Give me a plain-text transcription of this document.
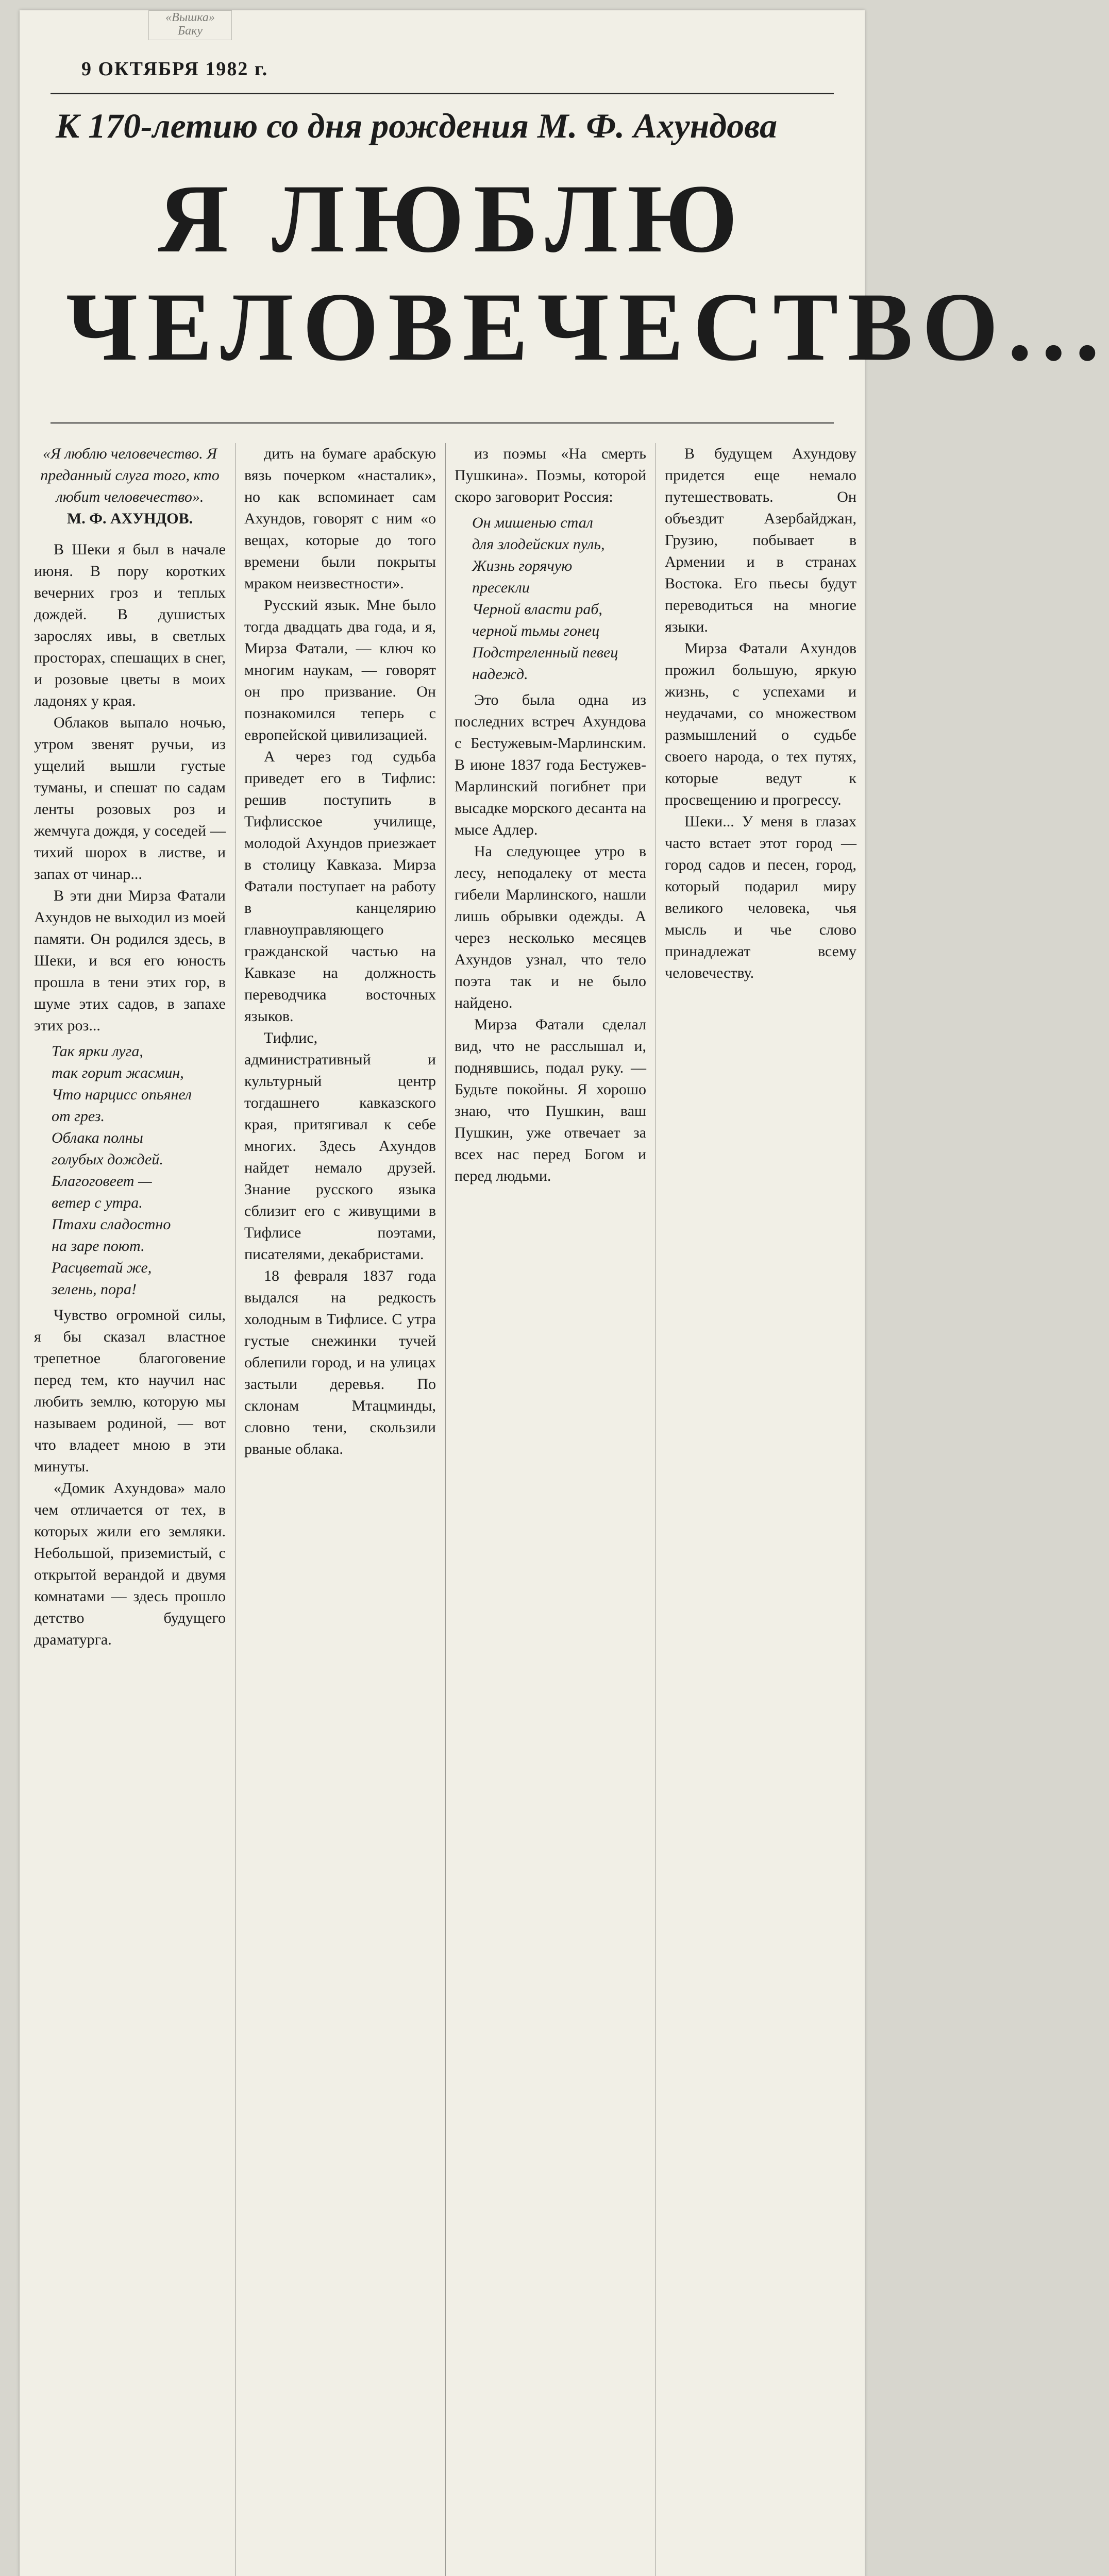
«Вышка»
Баку
9 ОКТЯБРЯ 1982 г.
К 170-летию со дня рождения М. Ф. Ахундова
Я ЛЮБЛЮ
ЧЕЛОВЕЧЕСТВО...

«Я люблю человечество. Я преданный слуга того, кто любит человечество».

М. Ф. АХУНДОВ.

В Шеки я был в начале июня. В пору коротких вечерних гроз и теплых дождей. В душистых зарослях ивы, в светлых просторах, спешащих в снег, и розовые цветы в моих ладонях у края.

Облаков выпало ночью, утром звенят ручьи, из ущелий вышли густые туманы, и спешат по садам ленты розовых роз и жемчуга дождя, у соседей — тихий шорох в листве, и запах от чинар...

В эти дни Мирза Фатали Ахундов не выходил из моей памяти. Он родился здесь, в Шеки, и вся его юность прошла в тени этих гор, в шуме этих садов, в запахе этих роз...

Так ярки луга,
так горит жасмин,
Что нарцисс опьянел
от грез.
Облака полны
голубых дождей.
Благоговеет —
ветер с утра.
Птахи сладостно
на заре поют.
Расцветай же,
зелень, пора!

Чувство огромной силы, я бы сказал властное трепетное благоговение перед тем, кто научил нас любить землю, которую мы называем родиной, — вот что владеет мною в эти минуты.

«Домик Ахундова» мало чем отличается от тех, в которых жили его земляки. Небольшой, приземистый, с открытой верандой и двумя комнатами — здесь прошло детство будущего драматурга.

дить на бумаге арабскую вязь почерком «насталик», но как вспоминает сам Ахундов, говорят с ним «о вещах, которые до того времени были покрыты мраком неизвестности».

Русский язык. Мне было тогда двадцать два года, и я, Мирза Фатали, — ключ ко многим наукам, — говорят он про призвание. Он познакомился теперь с европейской цивилизацией.

А через год судьба приведет его в Тифлис: решив поступить в Тифлисское училище, молодой Ахундов приезжает в столицу Кавказа. Мирза Фатали поступает на работу в канцелярию главноуправляющего гражданской частью на Кавказе на должность переводчика восточных языков.

Тифлис, административный и культурный центр тогдашнего кавказского края, притягивал к себе многих. Здесь Ахундов найдет немало друзей. Знание русского языка сблизит его с живущими в Тифлисе поэтами, писателями, декабристами.

18 февраля 1837 года выдался на редкость холодным в Тифлисе. С утра густые снежинки тучей облепили город, и на улицах застыли деревья. По склонам Мтацминды, словно тени, скользили рваные облака.

из поэмы «На смерть Пушкина». Поэмы, которой скоро заговорит Россия:

Он мишенью стал
для злодейских пуль,
Жизнь горячую
пресекли
Черной власти раб,
черной тьмы гонец
Подстреленный певец
надежд.

Это была одна из последних встреч Ахундова с Бестужевым-Марлинским. В июне 1837 года Бестужев-Марлинский погибнет при высадке морского десанта на мысе Адлер.

На следующее утро в лесу, неподалеку от места гибели Марлинского, нашли лишь обрывки одежды. А через несколько месяцев Ахундов узнал, что тело поэта так и не было найдено.

Мирза Фатали сделал вид, что не расслышал и, поднявшись, подал руку. — Будьте покойны. Я хорошо знаю, что Пушкин, ваш Пушкин, уже отвечает за всех нас перед Богом и перед людьми.

В будущем Ахундову придется еще немало путешествовать. Он объездит Азербайджан, Грузию, побывает в Армении и в странах Востока. Его пьесы будут переводиться на многие языки.

Мирза Фатали Ахундов прожил большую, яркую жизнь, с успехами и неудачами, со множеством размышлений о судьбе своего народа, о тех путях, которые ведут к просвещению и прогрессу.

Шеки... У меня в глазах часто встает этот город — город садов и песен, город, который подарил миру великого человека, чья мысль и чье слово принадлежат всему человечеству.
